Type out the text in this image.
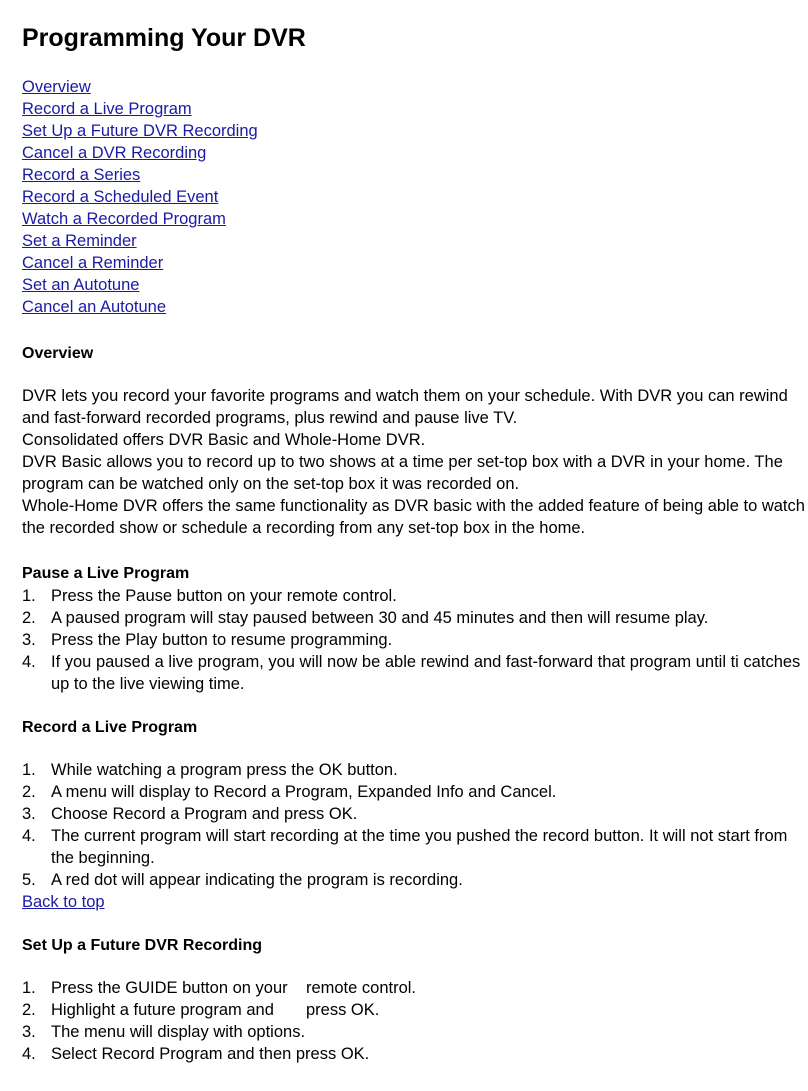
Programming Your DVR
Overview
Record a Live Program
Set Up a Future DVR Recording
Cancel a DVR Recording
Record a Series
Record a Scheduled Event
Watch a Recorded Program
Set a Reminder
Cancel a Reminder
Set an Autotune
Cancel an Autotune
Overview

DVR lets you record your favorite programs and watch them on your schedule. With DVR you can rewind and fast-forward recorded programs, plus rewind and pause live TV.

Consolidated offers DVR Basic and Whole-Home DVR.

DVR Basic allows you to record up to two shows at a time per set-top box with a DVR in your home. The program can be watched only on the set-top box it was recorded on.

Whole-Home DVR offers the same functionality as DVR basic with the added feature of being able to watch the recorded show or schedule a recording from any set-top box in the home.

Pause a Live Program
1. Press the Pause button on your remote control.
2. A paused program will stay paused between 30 and 45 minutes and then will resume play.
3. Press the Play button to resume programming.
4. If you paused a live program, you will now be able rewind and fast-forward that program until ti catches up to the live viewing time.
Record a Live Program
1. While watching a program press the OK button.
2. A menu will display to Record a Program, Expanded Info and Cancel.
3. Choose Record a Program and press OK.
4. The current program will start recording at the time you pushed the record button. It will not start from    the beginning.
5. A red dot will appear indicating the program is recording.
Back to top
Set Up a Future DVR Recording
1. Press the GUIDE button on your    remote control.
2. Highlight a future program and       press OK.
3. The menu will display with options.
4. Select Record Program and then press OK.
